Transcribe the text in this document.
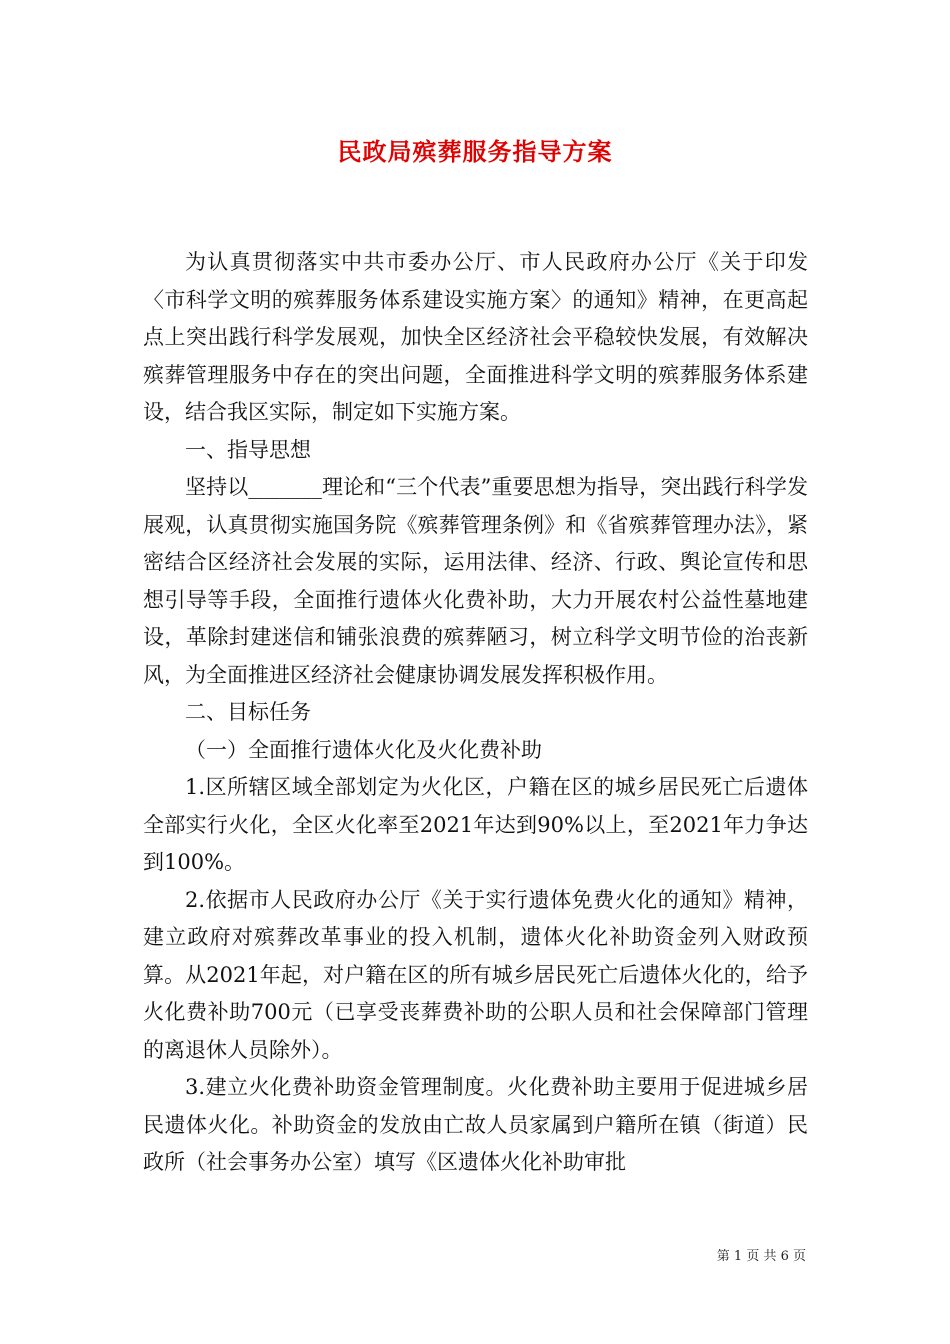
民政局殡葬服务指导方案

为认真贯彻落实中共市委办公厅、市人民政府办公厅《关于印发〈市科学文明的殡葬服务体系建设实施方案〉的通知》精神，在更高起点上突出践行科学发展观，加快全区经济社会平稳较快发展，有效解决殡葬管理服务中存在的突出问题，全面推进科学文明的殡葬服务体系建设，结合我区实际，制定如下实施方案。

一、指导思想

坚持以_______理论和“三个代表”重要思想为指导，突出践行科学发展观，认真贯彻实施国务院《殡葬管理条例》和《省殡葬管理办法》，紧密结合区经济社会发展的实际，运用法律、经济、行政、舆论宣传和思想引导等手段，全面推行遗体火化费补助，大力开展农村公益性墓地建设，革除封建迷信和铺张浪费的殡葬陋习，树立科学文明节俭的治丧新风，为全面推进区经济社会健康协调发展发挥积极作用。

二、目标任务

（一）全面推行遗体火化及火化费补助

1.区所辖区域全部划定为火化区，户籍在区的城乡居民死亡后遗体全部实行火化，全区火化率至2021年达到90%以上，至2021年力争达到100%。

2.依据市人民政府办公厅《关于实行遗体免费火化的通知》精神，建立政府对殡葬改革事业的投入机制，遗体火化补助资金列入财政预算。从2021年起，对户籍在区的所有城乡居民死亡后遗体火化的，给予火化费补助700元（已享受丧葬费补助的公职人员和社会保障部门管理的离退休人员除外）。

3.建立火化费补助资金管理制度。火化费补助主要用于促进城乡居民遗体火化。补助资金的发放由亡故人员家属到户籍所在镇（街道）民政所（社会事务办公室）填写《区遗体火化补助审批

第 1 页 共 6 页
